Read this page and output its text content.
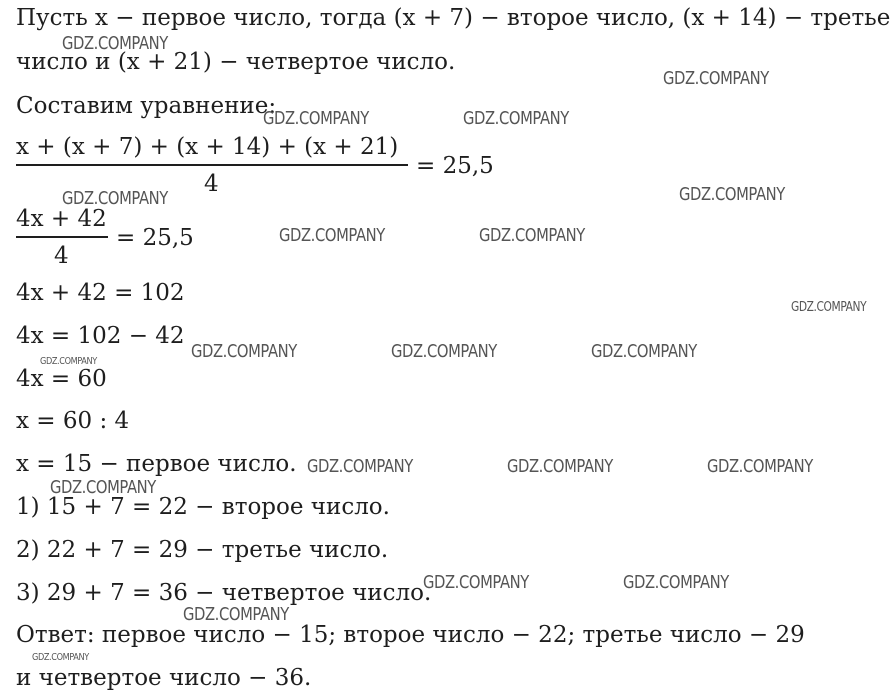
Пусть x − первое число, тогда (x + 7) − второе число, (x + 14) − третье
число и (x + 21) − четвертое число.
Составим уравнение:
x + (x + 7) + (x + 14) + (x + 21)
4
= 25,5
4x + 42
4
= 25,5
4x + 42 = 102
4x = 102 − 42
4x = 60
x = 60 : 4
x = 15 − первое число.
1) 15 + 7 = 22 − второе число.
2) 22 + 7 = 29 − третье число.
3) 29 + 7 = 36 − четвертое число.
Ответ: первое число − 15; второе число − 22; третье число − 29
и четвертое число − 36.
GDZ.COMPANY
GDZ.COMPANY
GDZ.COMPANY	GDZ.COMPANY
GDZ.COMPANY	GDZ.COMPANY
GDZ.COMPANY	GDZ.COMPANY
GDZ.COMPANY
GDZ.COMPANY	GDZ.COMPANY	GDZ.COMPANY
GDZ.COMPANY
GDZ.COMPANY	GDZ.COMPANY	GDZ.COMPANY
GDZ.COMPANY
GDZ.COMPANY	GDZ.COMPANY
GDZ.COMPANY
GDZ.COMPANY
